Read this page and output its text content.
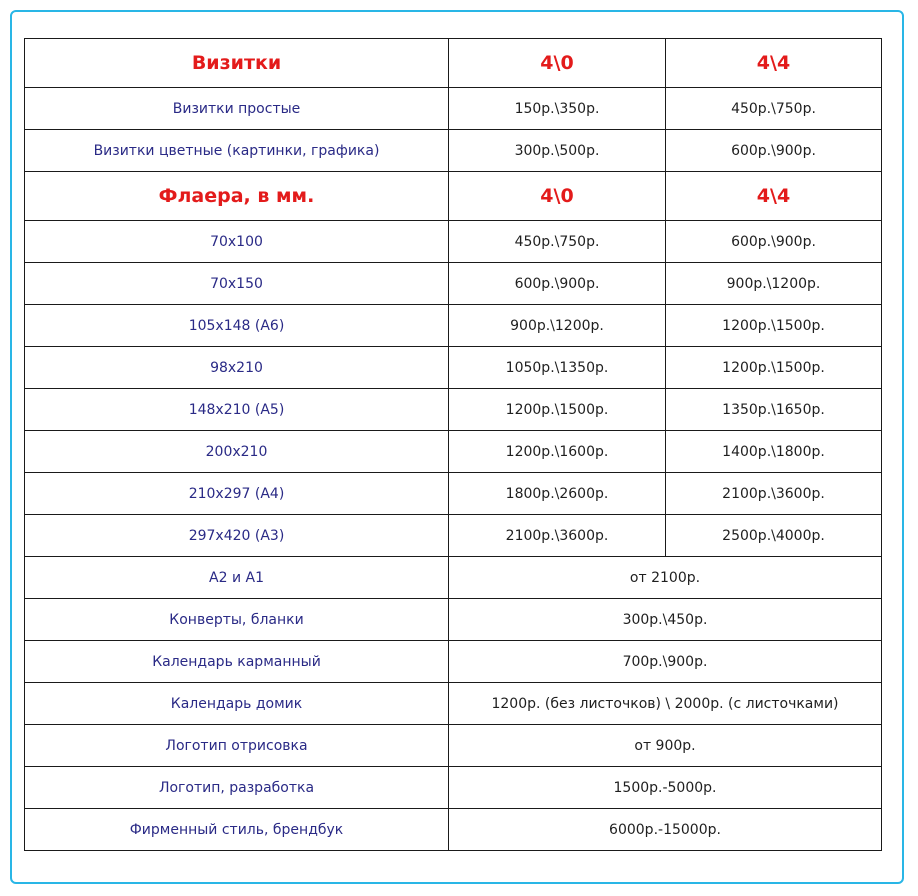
Визитки	4\0	4\4
Визитки простые	150р.\350р.	450р.\750р.
Визитки цветные (картинки, графика)	300р.\500р.	600р.\900р.
Флаера, в мм.	4\0	4\4
70х100	450р.\750р.	600р.\900р.
70х150	600р.\900р.	900р.\1200р.
105х148 (А6)	900р.\1200р.	1200р.\1500р.
98х210	1050р.\1350р.	1200р.\1500р.
148х210 (А5)	1200р.\1500р.	1350р.\1650р.
200х210	1200р.\1600р.	1400р.\1800р.
210х297 (А4)	1800р.\2600р.	2100р.\3600р.
297х420 (А3)	2100р.\3600р.	2500р.\4000р.
А2 и А1	от 2100р.	
Конверты, бланки	300р.\450р.	
Календарь карманный	700р.\900р.	
Календарь домик	1200р. (без листочков) \ 2000р. (с листочками)	
Логотип отрисовка	от 900р.	
Логотип, разработка	1500р.-5000р.	
Фирменный стиль, брендбук	6000р.-15000р.	
